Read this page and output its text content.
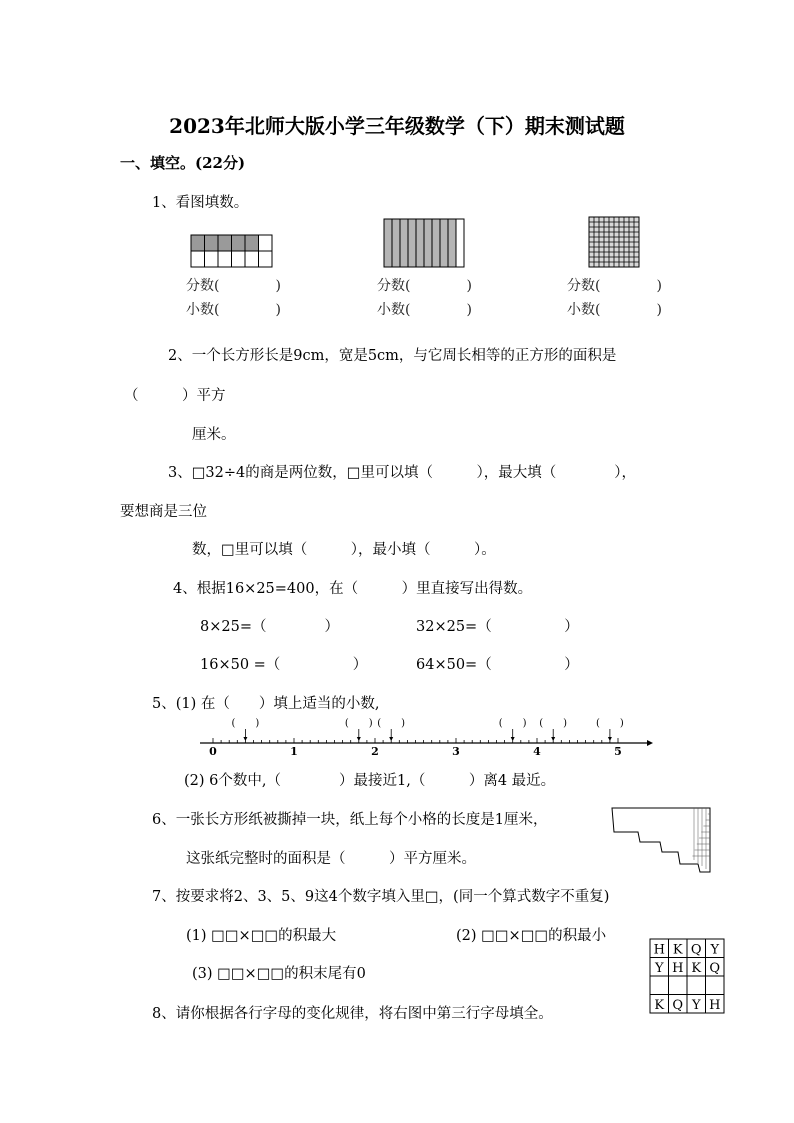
2023年北师大版小学三年级数学（下）期末测试题
一、填空。(22分)
1、看图填数。
分数(　　　　)
小数(　　　　)
分数(　　　　)
小数(　　　　)
分数(　　　　)
小数(　　　　)
2、一个长方形长是9cm，宽是5cm，与它周长相等的正方形的面积是
（　　　）平方
厘米。
3、□32÷4的商是两位数，□里可以填（　　　），最大填（　　　　），
要想商是三位
数，□里可以填（　　　），最小填（　　　）。
4、根据16×25=400，在（　　　）里直接写出得数。
8×25=（　　　　）	32×25=（　　　　　）
16×50 =（　　　　　）	64×50=（　　　　　）
5、(1) 在（　　）填上适当的小数,
0	1	2	3	4	5
(　　)	(　　) (　　)	(　　) (　　)	(　　)
(2) 6个数中,（　　　　）最接近1,（　　　）离4 最近。
6、一张长方形纸被撕掉一块，纸上每个小格的长度是1厘米，
这张纸完整时的面积是（　　　）平方厘米。
7、按要求将2、3、5、9这4个数字填入里□，(同一个算式数字不重复)
(1) □□×□□的积最大	(2) □□×□□的积最小
(3) □□×□□的积末尾有0
8、请你根据各行字母的变化规律，将右图中第三行字母填全。
H K Q Y
Y H K Q
K Q Y H
